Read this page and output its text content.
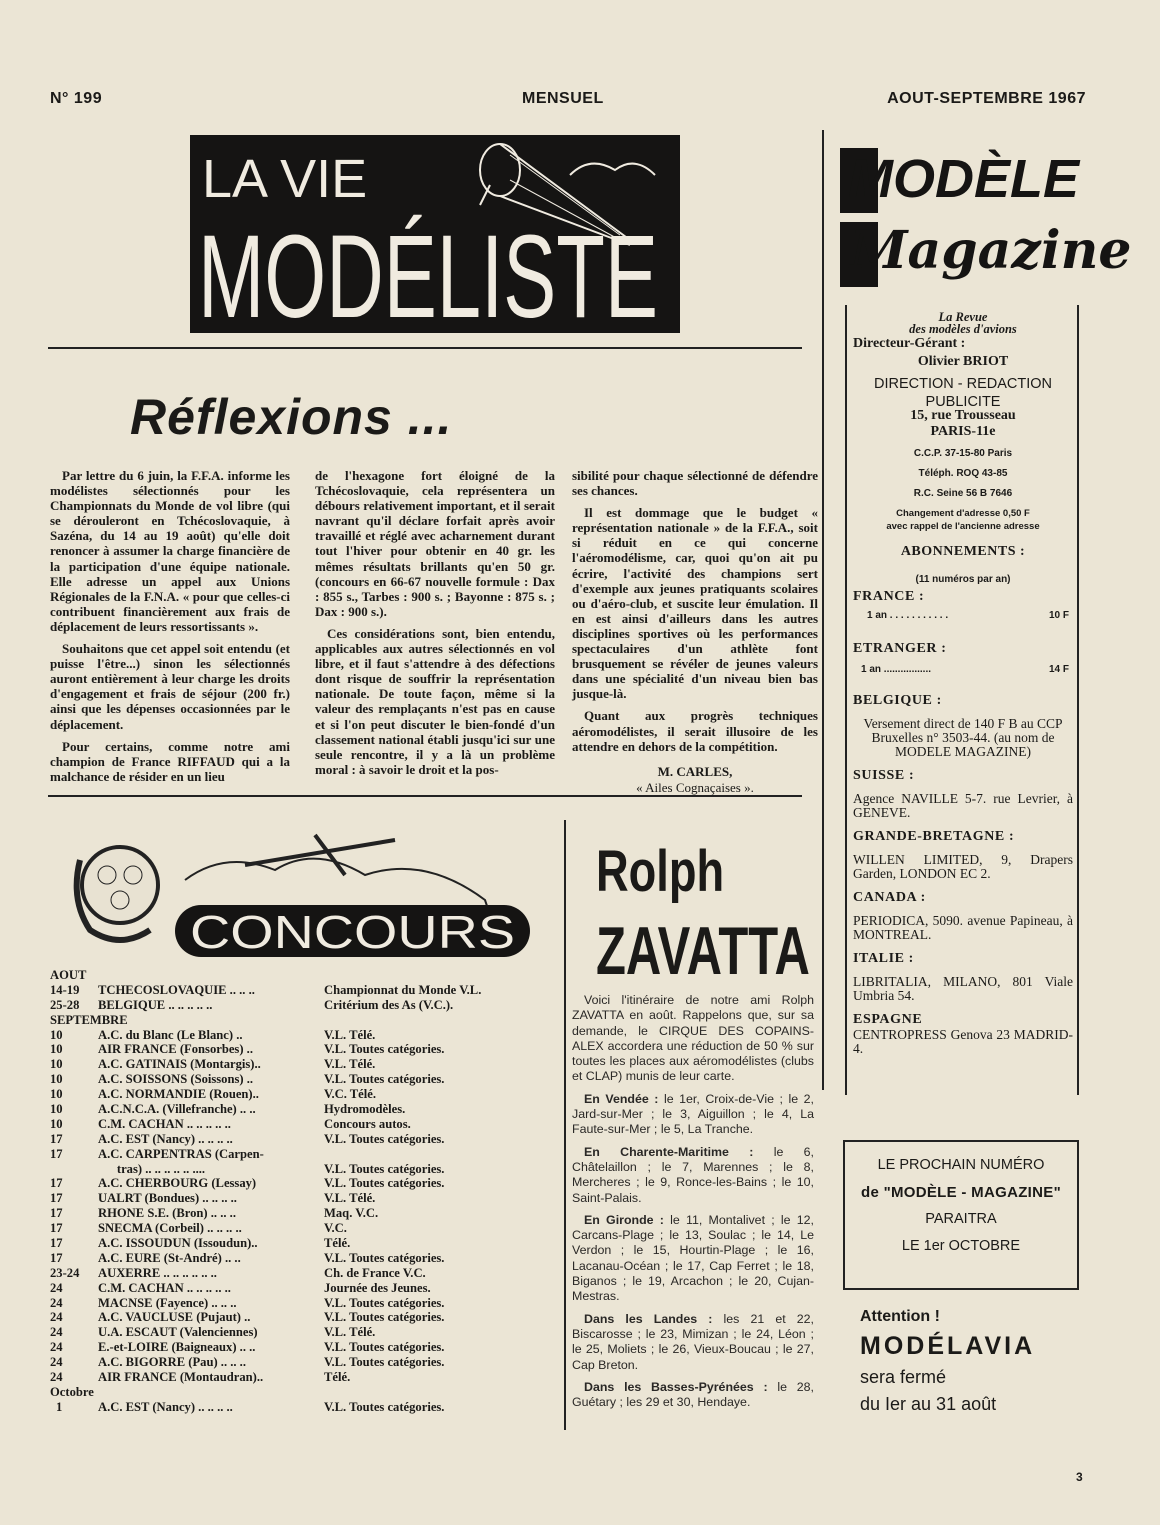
N° 199	MENSUEL	AOUT-SEPTEMBRE 1967
LA VIE
MODÉLISTE
MODÈLE
Magazine
Réflexions ...

Par lettre du 6 juin, la F.F.A. informe les modélistes sélectionnés pour les Championnats du Monde de vol libre (qui se dérouleront en Tchécoslovaquie, à Sazéna, du 14 au 19 août) qu'elle doit renoncer à assumer la charge financière de la participation d'une équipe nationale. Elle adresse un appel aux Unions Régionales de la F.N.A. « pour que celles-ci contribuent financièrement aux frais de déplacement de leurs ressortissants ».

Souhaitons que cet appel soit entendu (et puisse l'être...) sinon les sélectionnés auront entièrement à leur charge les droits d'engagement et frais de séjour (200 fr.) ainsi que les dépenses occasionnées par le déplacement.

Pour certains, comme notre ami champion de France RIFFAUD qui a la malchance de résider en un lieu

de l'hexagone fort éloigné de la Tchécoslovaquie, cela représentera un débours relativement important, et il serait navrant qu'il déclare forfait après avoir travaillé et réglé avec acharnement durant tout l'hiver pour obtenir en 40 gr. les mêmes résultats brillants qu'en 50 gr. (concours en 66-67 nouvelle formule : Dax : 855 s., Tarbes : 900 s. ; Bayonne : 875 s. ; Dax : 900 s.).

Ces considérations sont, bien entendu, applicables aux autres sélectionnés en vol libre, et il faut s'attendre à des défections dont risque de souffrir la représentation nationale. De toute façon, même si la valeur des remplaçants n'est pas en cause et si l'on peut discuter le bien-fondé d'un classement national établi jusqu'ici sur une seule rencontre, il y a là un problème moral : à savoir le droit et la pos-

sibilité pour chaque sélectionné de défendre ses chances.

Il est dommage que le budget « représentation nationale » de la F.F.A., soit si réduit en ce qui concerne l'aéromodélisme, car, quoi qu'on ait pu écrire, l'activité des champions sert d'exemple aux jeunes pratiquants scolaires ou d'aéro-club, et suscite leur émulation. Il en est ainsi d'ailleurs dans les autres disciplines sportives où les performances spectaculaires d'un athlète font brusquement se révéler de jeunes valeurs dans une spécialité d'un niveau bien bas jusque-là.

Quant aux progrès techniques aéromodélistes, il serait illusoire de les attendre en dehors de la compétition.

M. CARLES,
« Ailes Cognaçaises ».
CONCOURS
AOUT
14-19	TCHECOSLOVAQUIE .. .. ..	Championnat du Monde V.L.
25-28	BELGIQUE .. .. .. .. ..	Critérium des As (V.C.).
SEPTEMBRE
10	A.C. du Blanc (Le Blanc) ..	V.L. Télé.
10	AIR FRANCE (Fonsorbes) ..	V.L. Toutes catégories.
10	A.C. GATINAIS (Montargis)..	V.L. Télé.
10	A.C. SOISSONS (Soissons) ..	V.L. Toutes catégories.
10	A.C. NORMANDIE (Rouen)..	V.C. Télé.
10	A.C.N.C.A. (Villefranche) .. ..	Hydromodèles.
10	C.M. CACHAN .. .. .. .. ..	Concours autos.
17	A.C. EST (Nancy) .. .. .. ..	V.L. Toutes catégories.
17	A.C. CARPENTRAS (Carpen-
tras) .. .. .. .. .. ....	V.L. Toutes catégories.
17	A.C. CHERBOURG (Lessay)	V.L. Toutes catégories.
17	UALRT (Bondues) .. .. .. ..	V.L. Télé.
17	RHONE S.E. (Bron) .. .. ..	Maq. V.C.
17	SNECMA (Corbeil) .. .. .. ..	V.C.
17	A.C. ISSOUDUN (Issoudun)..	Télé.
17	A.C. EURE (St-André) .. ..	V.L. Toutes catégories.
23-24	AUXERRE .. .. .. .. .. ..	Ch. de France V.C.
24	C.M. CACHAN .. .. .. .. ..	Journée des Jeunes.
24	MACNSE (Fayence) .. .. ..	V.L. Toutes catégories.
24	A.C. VAUCLUSE (Pujaut) ..	V.L. Toutes catégories.
24	U.A. ESCAUT (Valenciennes)	V.L. Télé.
24	E.-et-LOIRE (Baigneaux) .. ..	V.L. Toutes catégories.
24	A.C. BIGORRE (Pau) .. .. ..	V.L. Toutes catégories.
24	AIR FRANCE (Montaudran)..	Télé.
Octobre
1	A.C. EST (Nancy) .. .. .. ..	V.L. Toutes catégories.
Rolph
ZAVATTA

Voici l'itinéraire de notre ami Rolph ZAVATTA en août. Rappelons que, sur sa demande, le CIRQUE DES COPAINS-ALEX accordera une réduction de 50 % sur toutes les places aux aéromodélistes (clubs et CLAP) munis de leur carte.

En Vendée : le 1er, Croix-de-Vie ; le 2, Jard-sur-Mer ; le 3, Aiguillon ; le 4, La Faute-sur-Mer ; le 5, La Tranche.

En Charente-Maritime : le 6, Châtelaillon ; le 7, Marennes ; le 8, Mercheres ; le 9, Ronce-les-Bains ; le 10, Saint-Palais.

En Gironde : le 11, Montalivet ; le 12, Carcans-Plage ; le 13, Soulac ; le 14, Le Verdon ; le 15, Hourtin-Plage ; le 16, Lacanau-Océan ; le 17, Cap Ferret ; le 18, Biganos ; le 19, Arcachon ; le 20, Cujan-Mestras.

Dans les Landes : les 21 et 22, Biscarosse ; le 23, Mimizan ; le 24, Léon ; le 25, Moliets ; le 26, Vieux-Boucau ; le 27, Cap Breton.

Dans les Basses-Pyrénées : le 28, Guétary ; les 29 et 30, Hendaye.

La Revue
des modèles d'avions
Directeur-Gérant :
Olivier BRIOT
DIRECTION - REDACTION
PUBLICITE
15, rue Trousseau
PARIS-11e
C.C.P. 37-15-80 Paris
Téléph. ROQ 43-85
R.C. Seine 56 B 7646
Changement d'adresse 0,50 F
avec rappel de l'ancienne adresse
ABONNEMENTS :
(11 numéros par an)
FRANCE :
1 an . . . . . . . . . . .	10 F
ETRANGER :
1 an .................	14 F
BELGIQUE :
Versement direct de 140 F B au CCP Bruxelles n° 3503-44. (au nom de MODELE MAGAZINE)
SUISSE :
Agence NAVILLE 5-7. rue Levrier, à GENEVE.
GRANDE-BRETAGNE :
WILLEN LIMITED, 9, Drapers Garden, LONDON EC 2.
CANADA :
PERIODICA, 5090. avenue Papineau, à MONTREAL.
ITALIE :
LIBRITALIA, MILANO, 801 Viale Umbria 54.
ESPAGNE
CENTROPRESS Genova 23 MADRID-4.
LE PROCHAIN NUMÉRO
de "MODÈLE - MAGAZINE"
PARAITRA
LE 1er OCTOBRE
Attention !
MODÉLAVIA
sera fermé
du Ier au 31 août
3
